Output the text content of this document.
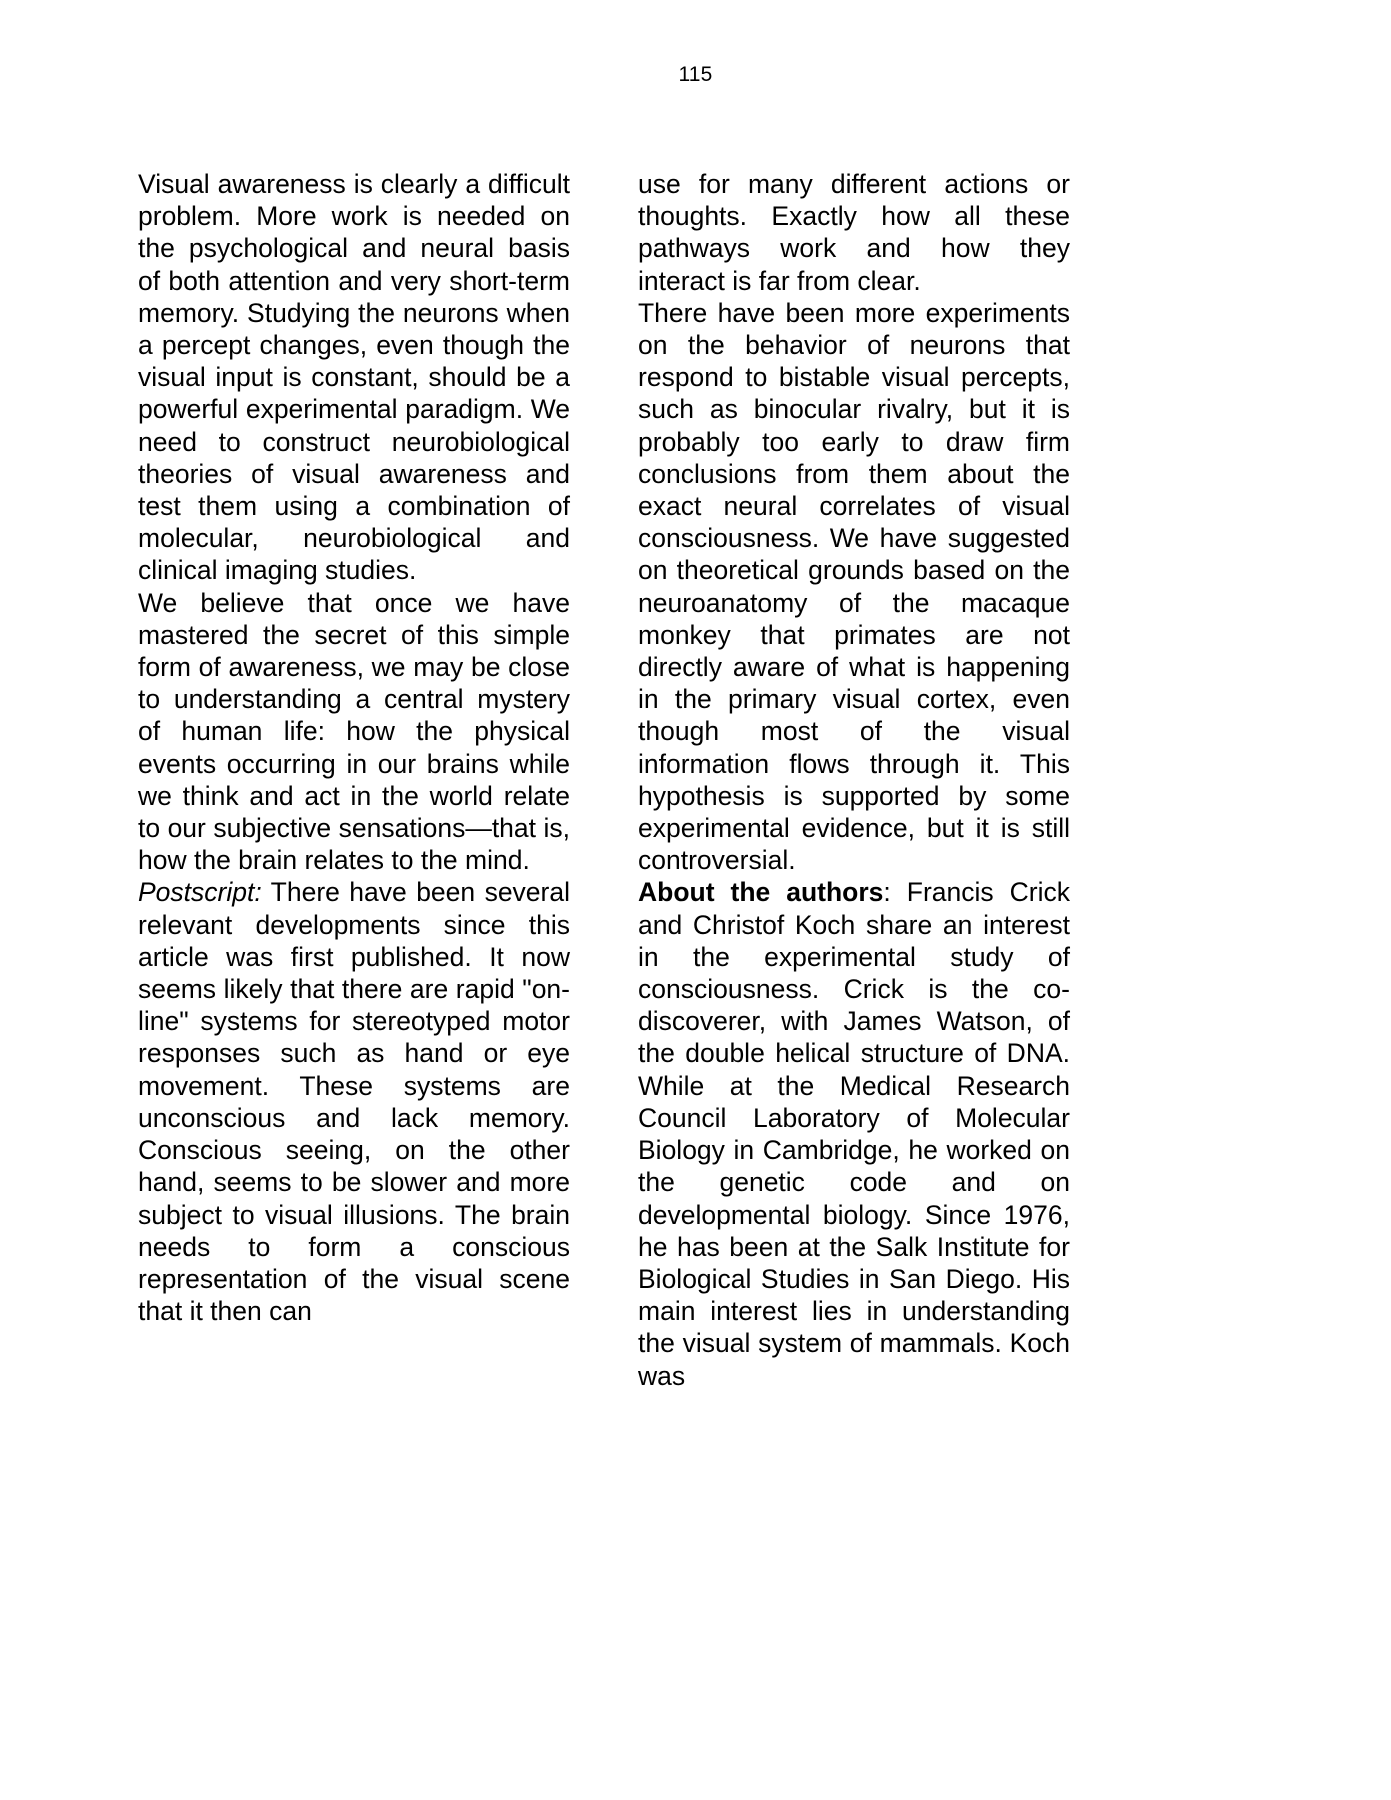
115

Visual awareness is clearly a difficult problem. More work is needed on the psychological and neural basis of both attention and very short-term memory. Studying the neurons when a percept changes, even though the visual input is constant, should be a powerful experimental paradigm. We need to construct neurobiological theories of visual awareness and test them using a combination of molecular, neurobiological and clinical imaging studies.

We believe that once we have mastered the secret of this simple form of awareness, we may be close to understanding a central mystery of human life: how the physical events occurring in our brains while we think and act in the world relate to our subjective sensations—that is, how the brain relates to the mind.

Postscript: There have been several relevant developments since this article was first published. It now seems likely that there are rapid "on-line" systems for stereotyped motor responses such as hand or eye movement. These systems are unconscious and lack memory. Conscious seeing, on the other hand, seems to be slower and more subject to visual illusions. The brain needs to form a conscious representation of the visual scene that it then can

use for many different actions or thoughts. Exactly how all these pathways work and how they interact is far from clear.

There have been more experiments on the behavior of neurons that respond to bistable visual percepts, such as binocular rivalry, but it is probably too early to draw firm conclusions from them about the exact neural correlates of visual consciousness. We have suggested on theoretical grounds based on the neuroanatomy of the macaque monkey that primates are not directly aware of what is happening in the primary visual cortex, even though most of the visual information flows through it. This hypothesis is supported by some experimental evidence, but it is still controversial.

About the authors: Francis Crick and Christof Koch share an interest in the experimental study of consciousness. Crick is the co-discoverer, with James Watson, of the double helical structure of DNA. While at the Medical Research Council Laboratory of Molecular Biology in Cambridge, he worked on the genetic code and on developmental biology. Since 1976, he has been at the Salk Institute for Biological Studies in San Diego. His main interest lies in understanding the visual system of mammals. Koch was
